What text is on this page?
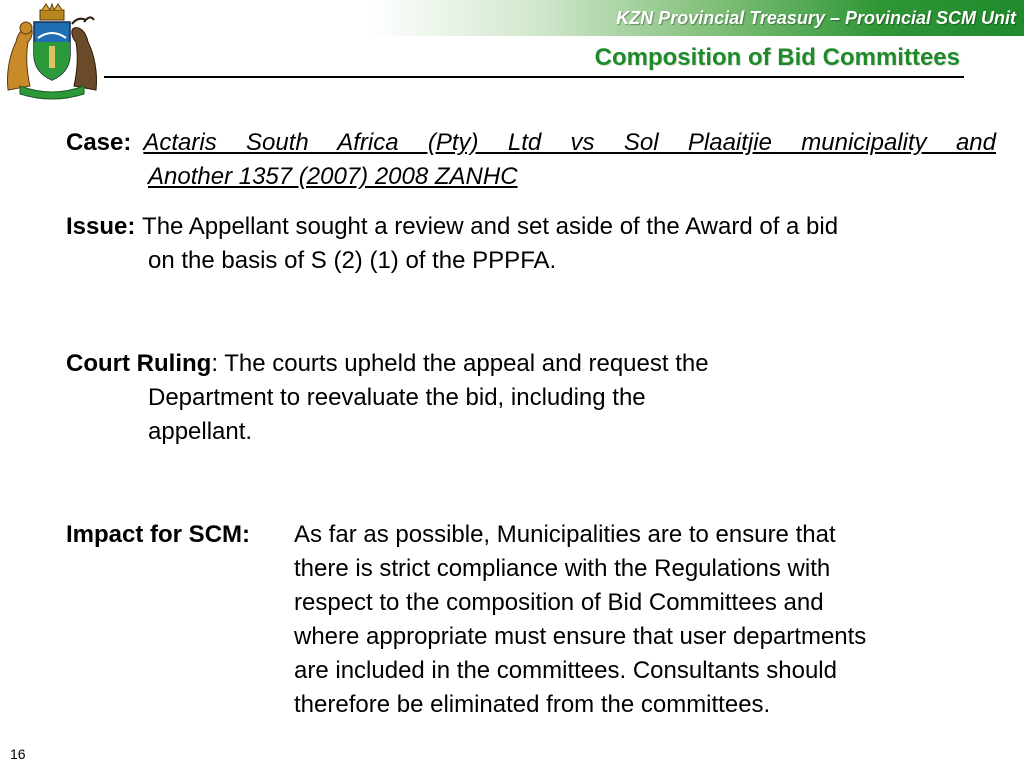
KZN Provincial Treasury – Provincial SCM Unit
Composition of Bid Committees
Case: Actaris South Africa (Pty) Ltd vs Sol Plaaitjie municipality and
Another 1357 (2007) 2008 ZANHC
Issue:
The Appellant sought a review and set aside of the Award of a bid
on the basis of S (2) (1) of the PPPFA.
Court Ruling: The courts upheld the appeal and request the
Department to reevaluate the bid, including the
appellant.
Impact for SCM:	As far as possible, Municipalities are to ensure that
there is strict compliance with the Regulations with
respect to the composition of Bid Committees and
where appropriate must ensure that user departments
are included in the committees. Consultants should
therefore be eliminated from the committees.
16
